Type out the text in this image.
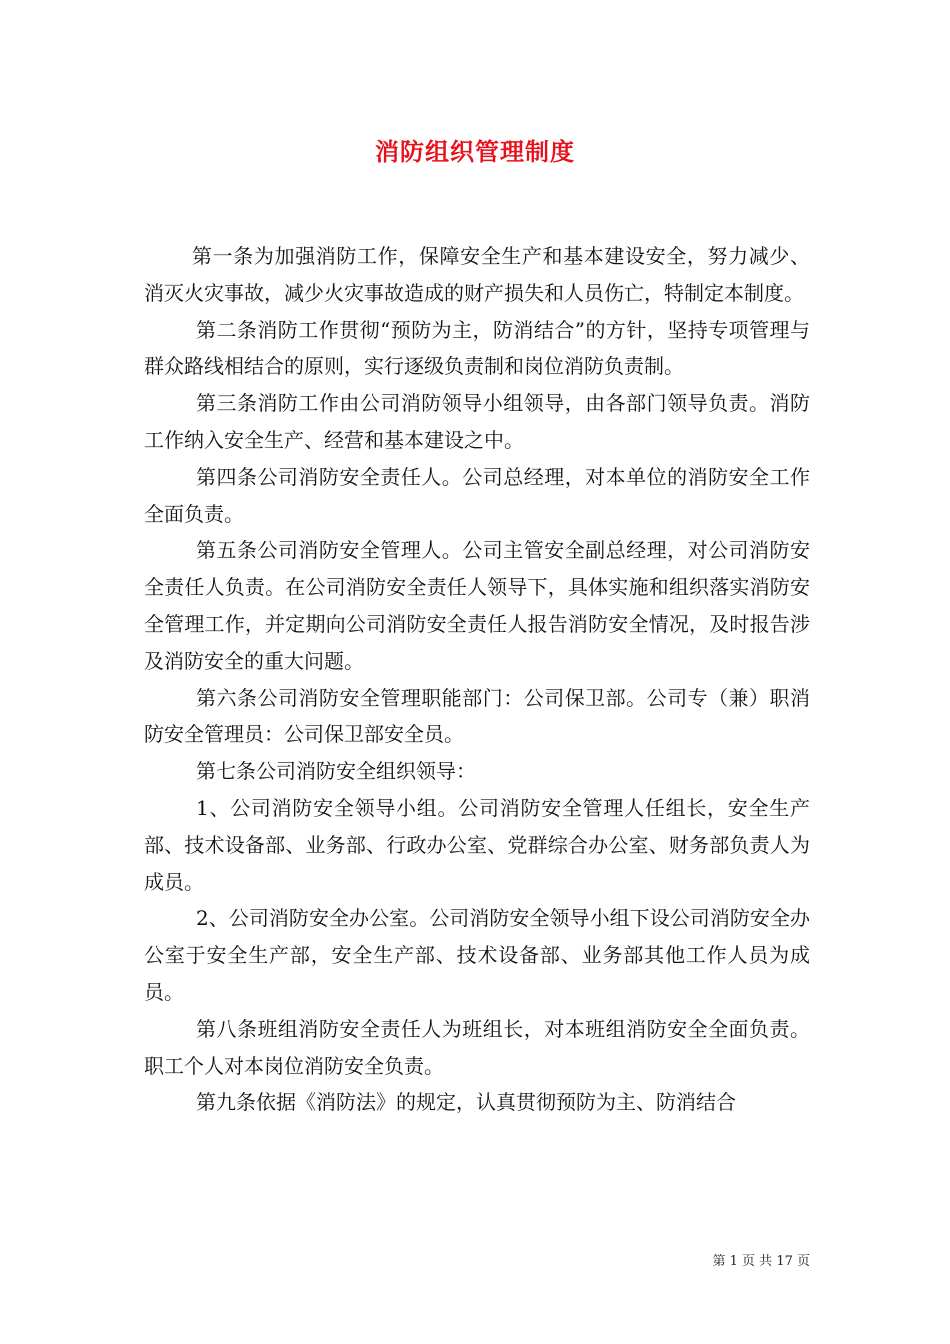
消防组织管理制度

第一条为加强消防工作，保障安全生产和基本建设安全，努力减少、消灭火灾事故，减少火灾事故造成的财产损失和人员伤亡，特制定本制度。

第二条消防工作贯彻“预防为主，防消结合”的方针，坚持专项管理与群众路线相结合的原则，实行逐级负责制和岗位消防负责制。

第三条消防工作由公司消防领导小组领导，由各部门领导负责。消防工作纳入安全生产、经营和基本建设之中。

第四条公司消防安全责任人。公司总经理，对本单位的消防安全工作全面负责。

第五条公司消防安全管理人。公司主管安全副总经理，对公司消防安全责任人负责。在公司消防安全责任人领导下，具体实施和组织落实消防安全管理工作，并定期向公司消防安全责任人报告消防安全情况，及时报告涉及消防安全的重大问题。

第六条公司消防安全管理职能部门：公司保卫部。公司专（兼）职消防安全管理员：公司保卫部安全员。

第七条公司消防安全组织领导：

1、公司消防安全领导小组。公司消防安全管理人任组长，安全生产部、技术设备部、业务部、行政办公室、党群综合办公室、财务部负责人为成员。

2、公司消防安全办公室。公司消防安全领导小组下设公司消防安全办公室于安全生产部，安全生产部、技术设备部、业务部其他工作人员为成员。

第八条班组消防安全责任人为班组长，对本班组消防安全全面负责。职工个人对本岗位消防安全负责。

第九条依据《消防法》的规定，认真贯彻预防为主、防消结合

第 1 页 共 17 页
